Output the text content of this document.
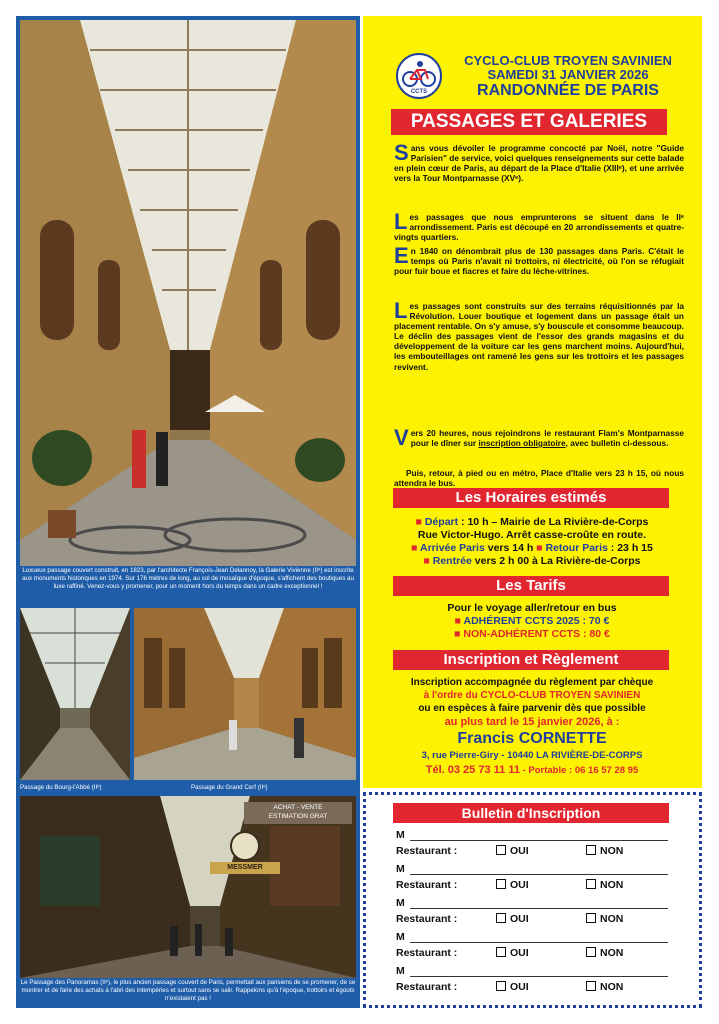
Luxueux passage couvert construit, en 1823, par l'architecte François-Jean Delannoy, la Galerie Vivienne (IIᵉ) est inscrite aux monuments historiques en 1974. Sur 176 mètres de long, au sol de mosaïque d'époque, s'affichent des boutiques au luxe raffiné. Venez-vous y promener, pour un moment hors du temps dans un cadre exceptionnel !
Passage du Bourg-l'Abbé (IIᵉ)	Passage du Grand Cerf (IIᵉ)
MESSMER
ACHAT - VENTE
ESTIMATION GRAT
Le Passage des Panoramas (IIᵉ), le plus ancien passage couvert de Paris, permettait aux parisiens de se promener, de se montrer et de faire des achats à l'abri des intempéries et surtout sans se salir. Rappelons qu'à l'époque, trottoirs et égouts n'existaient pas !
CCTS
CYCLO-CLUB TROYEN SAVINIEN
SAMEDI 31 JANVIER 2026
RANDONNÉE DE PARIS
PASSAGES ET GALERIES
Sans vous dévoiler le programme concocté par Noël, notre "Guide Parisien" de service, voici quelques renseignements sur cette balade en plein cœur de Paris, au départ de la Place d'Italie (XIIIᵉ), et une arrivée vers la Tour Montparnasse (XVᵉ).
Les passages que nous emprunterons se situent dans le IIᵉ arrondissement. Paris est découpé en 20 arrondissements et quatre-vingts quartiers.
En 1840 on dénombrait plus de 130 passages dans Paris. C'était le temps où Paris n'avait ni trottoirs, ni électricité, où l'on se réfugiait pour fuir boue et fiacres et faire du lèche-vitrines.
Les passages sont construits sur des terrains réquisitionnés par la Révolution. Louer boutique et logement dans un passage était un placement rentable. On s'y amuse, s'y bouscule et consomme beaucoup. Le déclin des passages vient de l'essor des grands magasins et du développement de la voiture car les gens marchent moins. Aujourd'hui, les embouteillages ont ramené les gens sur les trottoirs et les passages revivent.
Vers 20 heures, nous rejoindrons le restaurant Flam's Montparnasse pour le dîner sur inscription obligatoire, avec bulletin ci-dessous.
Puis, retour, à pied ou en métro, Place d'Italie vers 23 h 15, où nous attendra le bus.
Les Horaires estimés
■ Départ : 10 h – Mairie de La Rivière-de-Corps
Rue Victor-Hugo. Arrêt casse-croûte en route.
■ Arrivée Paris vers 14 h ■ Retour Paris : 23 h 15
■ Rentrée vers 2 h 00 à La Rivière-de-Corps
Les Tarifs
Pour le voyage aller/retour en bus
■ ADHÉRENT CCTS 2025 : 70 €
■ NON-ADHÉRENT CCTS : 80 €
Inscription et Règlement
Inscription accompagnée du règlement par chèque
à l'ordre du CYCLO-CLUB TROYEN SAVINIEN
ou en espèces à faire parvenir dès que possible
au plus tard le 15 janvier 2026, à :
Francis CORNETTE
3, rue Pierre-Giry - 10440 LA RIVIÈRE-DE-CORPS
Tél. 03 25 73 11 11 - Portable : 06 16 57 28 95
Bulletin d'Inscription
M
Restaurant :	OUI	NON
M
Restaurant :	OUI	NON
M
Restaurant :	OUI	NON
M
Restaurant :	OUI	NON
M
Restaurant :	OUI	NON
